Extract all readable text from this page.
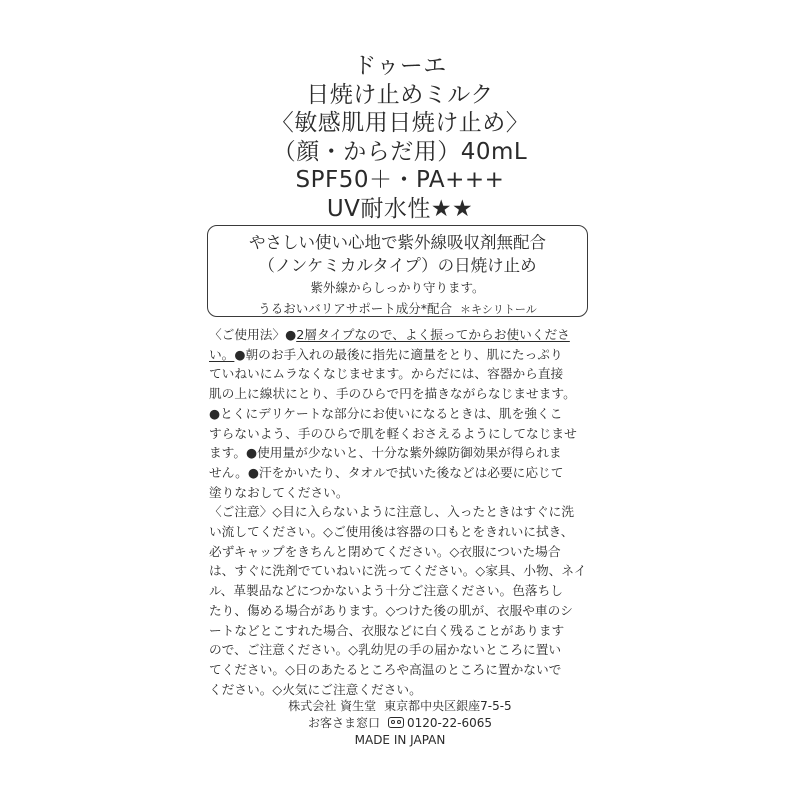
ドゥーエ
日焼け止めミルク
〈敏感肌用日焼け止め〉
（顔・からだ用）40mL
SPF50＋・PA+++
UV耐水性★★
やさしい使い心地で紫外線吸収剤無配合
（ノンケミカルタイプ）の日焼け止め
紫外線からしっかり守ります。
うるおいバリアサポート成分*配合 ＊キシリトール
〈ご使用法〉●2層タイプなので、よく振ってからお使いくださ
い。●朝のお手入れの最後に指先に適量をとり、肌にたっぷり
ていねいにムラなくなじませます。からだには、容器から直接
肌の上に線状にとり、手のひらで円を描きながらなじませます。
●とくにデリケートな部分にお使いになるときは、肌を強くこ
すらないよう、手のひらで肌を軽くおさえるようにしてなじませ
ます。●使用量が少ないと、十分な紫外線防御効果が得られま
せん。●汗をかいたり、タオルで拭いた後などは必要に応じて
塗りなおしてください。
〈ご注意〉◇目に入らないように注意し、入ったときはすぐに洗
い流してください。◇ご使用後は容器の口もとをきれいに拭き、
必ずキャップをきちんと閉めてください。◇衣服についた場合
は、すぐに洗剤でていねいに洗ってください。◇家具、小物、ネイ
ル、革製品などにつかないよう十分ご注意ください。色落ちし
たり、傷める場合があります。◇つけた後の肌が、衣服や車のシ
ートなどとこすれた場合、衣服などに白く残ることがあります
ので、ご注意ください。◇乳幼児の手の届かないところに置い
てください。◇日のあたるところや高温のところに置かないで
ください。◇火気にご注意ください。
株式会社 資生堂 東京都中央区銀座7-5-5
お客さま窓口 0120-22-6065
MADE IN JAPAN
